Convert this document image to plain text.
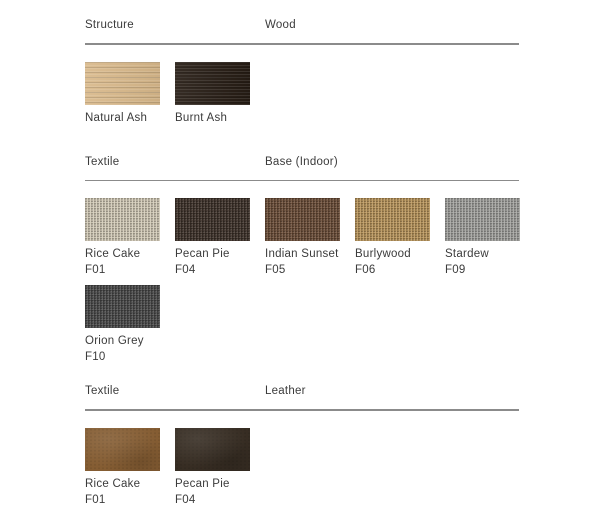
Structure	Wood
Natural Ash	Burnt Ash
Textile	Base (Indoor)
Rice Cake
F01
Pecan Pie
F04
Indian Sunset
F05
Burlywood
F06
Stardew
F09
Orion Grey
F10
Textile	Leather
Rice Cake
F01
Pecan Pie
F04
